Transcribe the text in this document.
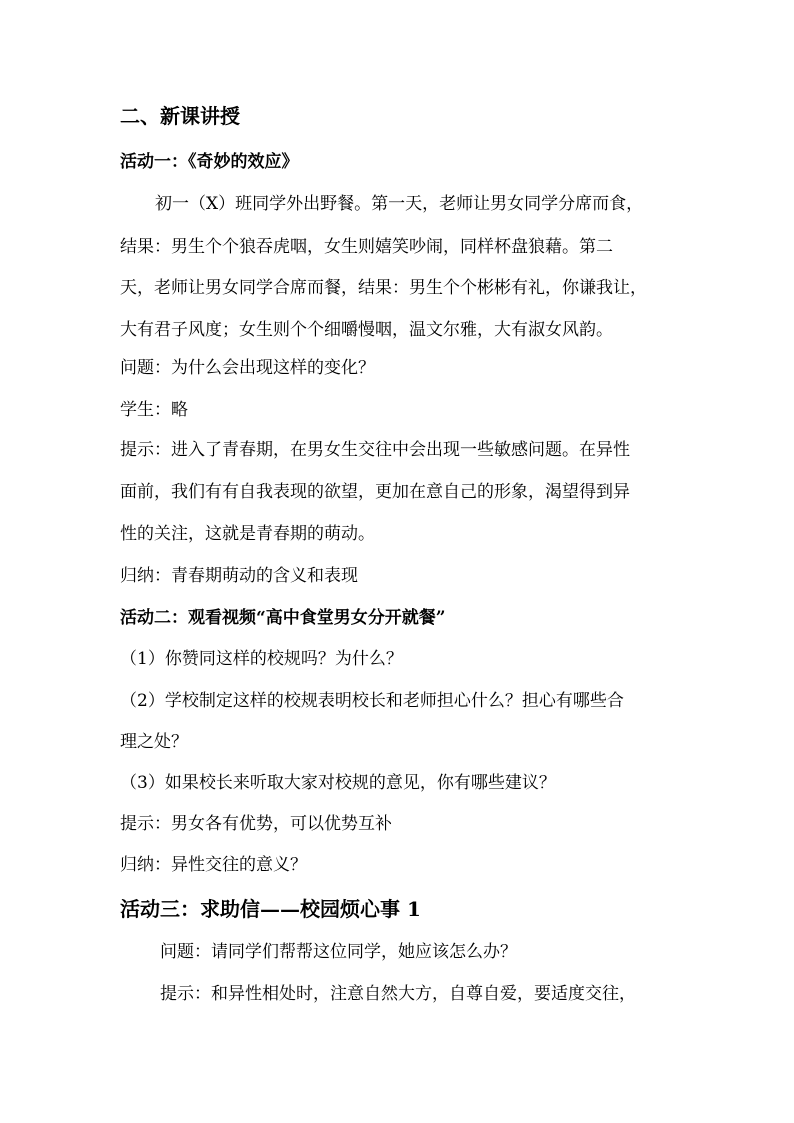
二、新课讲授
活动一：《奇妙的效应》
初一（X）班同学外出野餐。第一天，老师让男女同学分席而食，
结果：男生个个狼吞虎咽，女生则嬉笑吵闹，同样杯盘狼藉。第二
天，老师让男女同学合席而餐，结果：男生个个彬彬有礼，你谦我让，
大有君子风度；女生则个个细嚼慢咽，温文尔雅，大有淑女风韵。
问题：为什么会出现这样的变化？
学生：略
提示：进入了青春期，在男女生交往中会出现一些敏感问题。在异性
面前，我们有有自我表现的欲望，更加在意自己的形象，渴望得到异
性的关注，这就是青春期的萌动。
归纳：青春期萌动的含义和表现
活动二：观看视频“高中食堂男女分开就餐”
（1）你赞同这样的校规吗？为什么？
（2）学校制定这样的校规表明校长和老师担心什么？担心有哪些合
理之处？
（3）如果校长来听取大家对校规的意见，你有哪些建议？
提示：男女各有优势，可以优势互补
归纳：异性交往的意义？
活动三：求助信——校园烦心事 1
问题：请同学们帮帮这位同学，她应该怎么办？
提示：和异性相处时，注意自然大方，自尊自爱，要适度交往，
